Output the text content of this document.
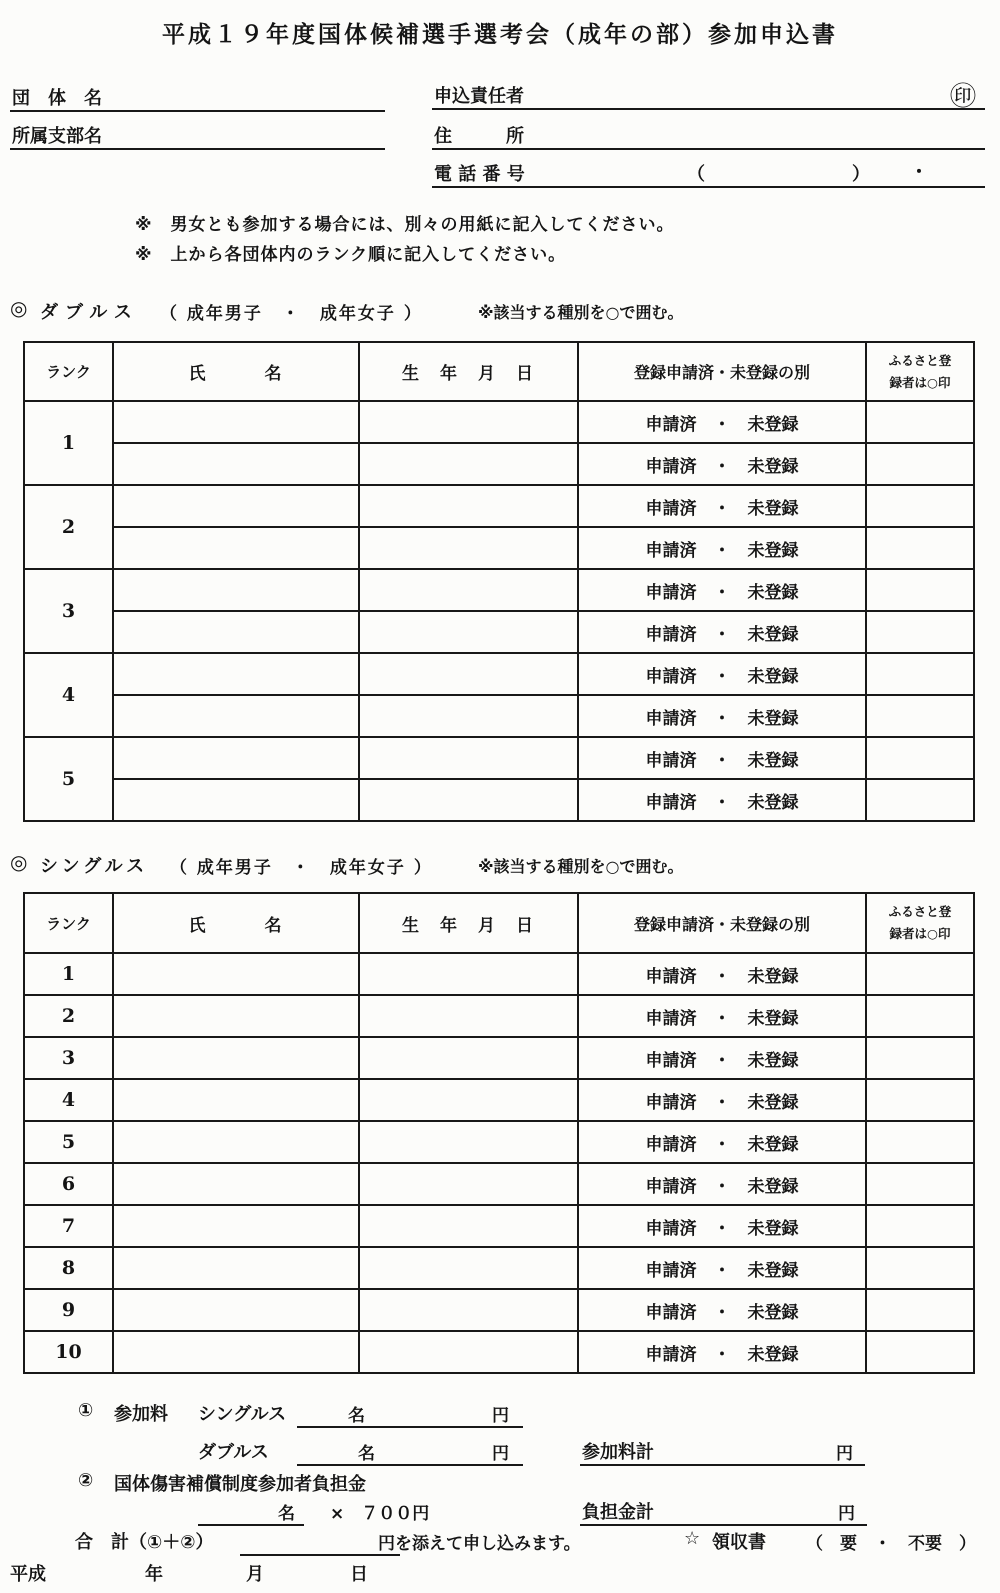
平成１９年度国体候補選手選考会（成年の部）参加申込書
団　体　名
所属支部名
申込責任者	㊞
住　　　所
電 話 番 号	（	） ・
※　男女とも参加する場合には、別々の用紙に記入してください。
※　上から各団体内のランク順に記入してください。
◎ ダブルス （ 成年男子　・　成年女子 ）	※該当する種別を○で囲む。
ランク	氏　　　名	生　年　月　日	登録申請済・未登録の別	ふるさと登
録者は○印
1			申請済　・　未登録	
			申請済　・　未登録	
2			申請済　・　未登録	
			申請済　・　未登録	
3			申請済　・　未登録	
			申請済　・　未登録	
4			申請済　・　未登録	
			申請済　・　未登録	
5			申請済　・　未登録	
			申請済　・　未登録	
◎ シングルス （ 成年男子　・　成年女子 ）	※該当する種別を○で囲む。
ランク	氏　　　名	生　年　月　日	登録申請済・未登録の別	ふるさと登
録者は○印
1			申請済　・　未登録	
2			申請済　・　未登録	
3			申請済　・　未登録	
4			申請済　・　未登録	
5			申請済　・　未登録	
6			申請済　・　未登録	
7			申請済　・　未登録	
8			申請済　・　未登録	
9			申請済　・　未登録	
10			申請済　・　未登録	
① 参加料 シングルス	名	円
ダブルス	名	円	参加料計	円
② 国体傷害補償制度参加者負担金
名 ×　７００円	負担金計	円
合　計（①＋②）	円を添えて申し込みます。	☆ 領収書 （　要　・　不要　）
平成	年	月	日
